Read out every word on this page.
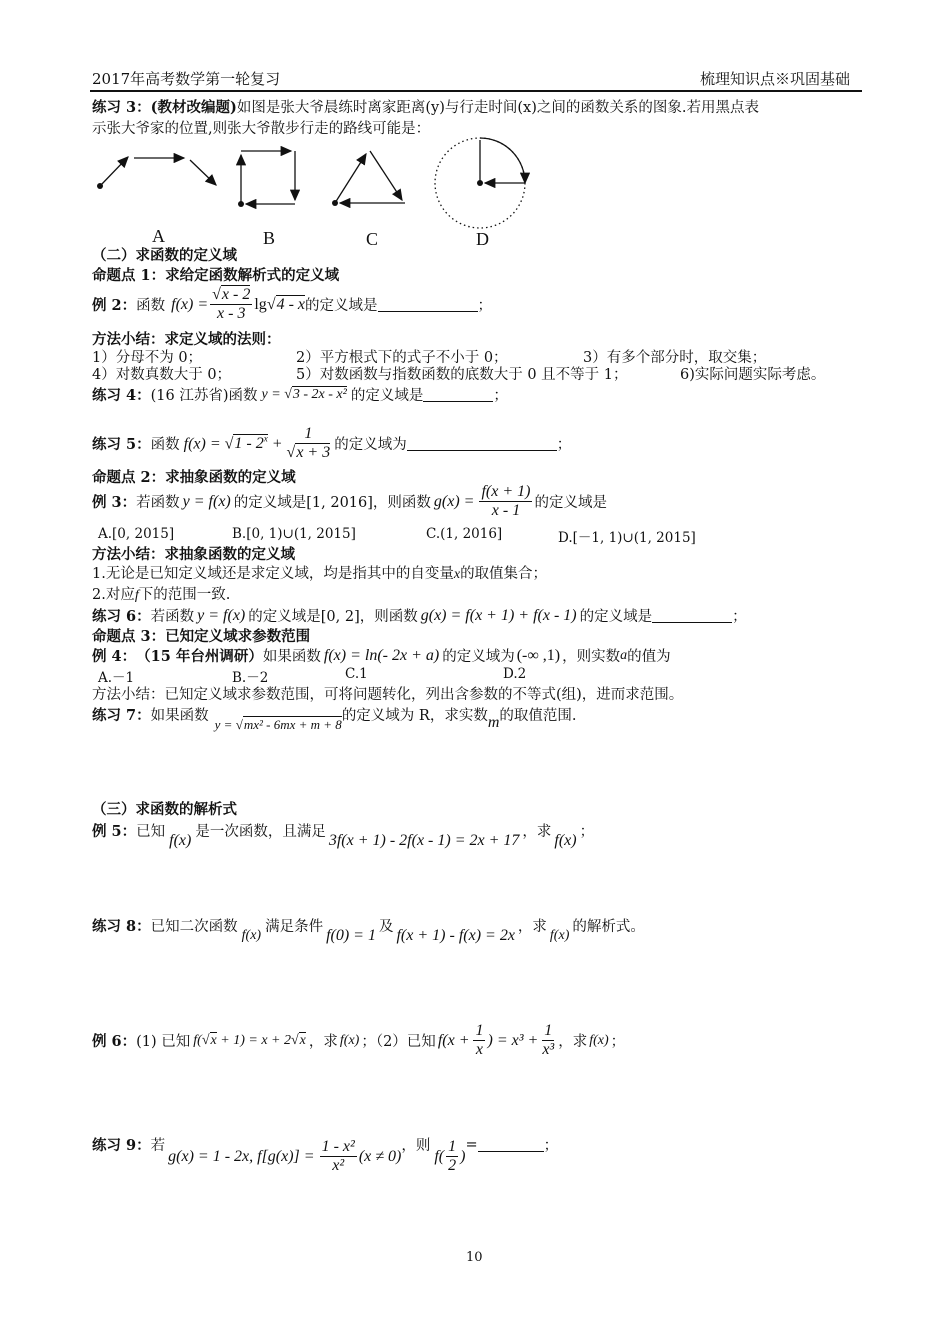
2017年高考数学第一轮复习	梳理知识点※巩固基础
练习 3：(教材改编题)如图是张大爷晨练时离家距离(y)与行走时间(x)之间的函数关系的图象.若用黑点表
示张大爷家的位置,则张大爷散步行走的路线可能是：
A	B	C	D
（二）求函数的定义域
命题点 1：求给定函数解析式的定义域
例 2： 函数 $f(x) = \frac{√x - 2}{x - 3}$ lg √4 - x 的定义域是	；
方法小结：求定义域的法则：
1）分母不为 0；	2）平方根式下的式子不小于 0；	3）有多个部分时，取交集；
4）对数真数大于 0；	5）对数函数与指数函数的底数大于 0 且不等于 1；	6)实际问题实际考虑。
练习 4： (16 江苏省)函数 y = √3 - 2x - x² 的定义域是	；
练习 5： 函数 $f(x) = √1 - 2^x + \frac{1}{√x + 3}$ 的定义域为	；
命题点 2：求抽象函数的定义域
例 3： 若函数 y = f(x) 的定义域是[1, 2016]，则函数 $g(x) = \frac{f(x + 1)}{x - 1}$ 的定义域是
A.[0, 2015]	B.[0, 1)∪(1, 2015]	C.(1, 2016]	D.[－1, 1)∪(1, 2015]
方法小结：求抽象函数的定义域
1.无论是已知定义域还是求定义域，均是指其中的自变量x的取值集合；
2.对应f下的范围一致.
练习 6： 若函数 y = f(x) 的定义域是[0, 2]，则函数 g(x) = f(x + 1) + f(x - 1) 的定义域是	；
命题点 3：已知定义域求参数范围
例 4： （15 年台州调研） 如果函数 f(x) = ln(- 2x + a) 的定义域为 (-∞ ,1) ，则实数 a 的值为
A.－1	B.－2	C.1	D.2
方法小结：已知定义域求参数范围，可将问题转化，列出含参数的不等式(组)，进而求范围。
练习 7： 如果函数 y = √mx² - 6mx + m + 8 的定义域为 R，求实数 m 的取值范围.
（三）求函数的解析式
例 5： 已知 f(x) 是一次函数，且满足 3f(x + 1) - 2f(x - 1) = 2x + 17 ，求 f(x) ；
练习 8： 已知二次函数 f(x) 满足条件 f(0) = 1 及 f(x + 1) - f(x) = 2x ，求 f(x) 的解析式。
例 6： (1) 已知 f(√x + 1) = x + 2√x ，求 f(x) ；（2）已知 $f(x + \frac{1}{x}$ ) = $x^3 + \frac{1}{\text{x³}}$ ，求 f(x) ；
练习 9： 若
g(x) = 1 - 2x, $f[g(x)] = \frac{\text{1 - x²}}{\text{x²}} (x \ne 0)$
，则
$f( \frac{1}{2}$ )
=	；
10
